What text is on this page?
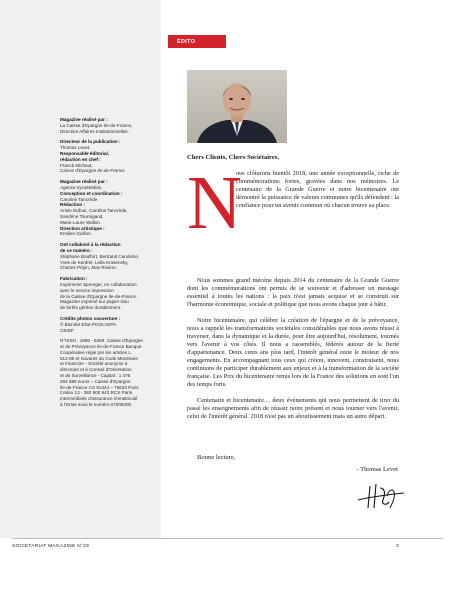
Magazine réalisé par :
La Caisse d'Epargne Ile-de-France,
Direction Affaires Institutionnelles.
Directeur de la publication :
Thomas Levet.
Responsable éditorial,
rédaction en chef :
Franck Michaut,
Caisse d'Epargne Ile-de-France
Magazine réalisé par :
Agence KyraMédias.
Conception et coordination :
Caroline Tancrède.
Rédaction :
Ariele Dufour, Caroline Tancrède,
Sandrine Tournigand,
Marie-Laure Wallon.
Direction artistique :
Emilien Guillon.
Ont collaboré à la rédaction
de ce numéro :
Stéphane Bouffort, Bertrand Candelon,
Yves de Kerdrel, Leila Krasensky,
Charles Pépin, Max Rivière.
Fabrication :
Imprimerie Sprenger, en collaboration
avec le service impression
de la Caisse d'Epargne Ile-de-France.
Magazine imprimé sur papier issu
de forêts gérées durablement.
Crédits photos couverture :
© Blondet Eliot-POOL/SIPA
CEIDF
N°ISSN : 1966 - 5369. Caisse d'Epargne
et de Prévoyance Ile-de-France Banque
Coopérative régie par les articles L.
512-85 et suivants du Code Monétaire
et Financier - Société anonyme à
directoire et à Conseil d'Orientation
et de Surveillance - Capital : 1 476
294 680 euros – Caisse d'Epargne
Ile-de-France CS 91344 – 75633 Paris
Cedex 13 - 382 900 942 RCS Paris.
Intermédiaire d'assurance immatriculé
à l'Orias sous le numéro 07005200.
ÉDITO
Chers Clients, Chers Sociétaires,
N
ous clôturons bientôt 2018, une année exceptionnelle, riche de commémorations fortes, gravées dans nos mémoires. Le centenaire de la Grande Guerre et notre bicentenaire ont démontré la puissance de valeurs communes qu'ils défendent : la confiance pour un avenir commun où chacun trouve sa place.

Nous sommes grand mécène depuis 2014 du centenaire de la Grande Guerre dont les commémorations ont permis de se souvenir et d'adresser un message essentiel à toutes les nations : la paix n'est jamais acquise et se construit sur l'harmonie économique, sociale et politique que nous avons chaque jour à bâtir.

Notre bicentenaire, qui célèbre la création de l'épargne et de la prévoyance, nous a rappelé les transformations sociétales considérables que nous avons réussi à traverser, dans la dynamique et la durée, pour être aujourd'hui, résolument, tournés vers l'avenir à vos côtés. Il nous a rassemblés, fédérés autour de la fierté d'appartenance. Deux cents ans plus tard, l'intérêt général reste le moteur de nos engagements. En accompagnant tous ceux qui créent, innovent, construisent, nous continuons de participer durablement aux enjeux et à la transformation de la société française. Les Prix du bicentenaire remis lors de la France des solutions en sont l'un des temps forts.

Centenaire et bicentenaire… deux événements qui nous permettent de tirer du passé les enseignements afin de réussir notre présent et nous tourner vers l'avenir, celui de l'intérêt général. 2018 n'est pas un aboutissement mais un autre départ.

Bonne lecture,
- Thomas Levet
SOCIÉTARIAT MAGAZINE N°29	3
